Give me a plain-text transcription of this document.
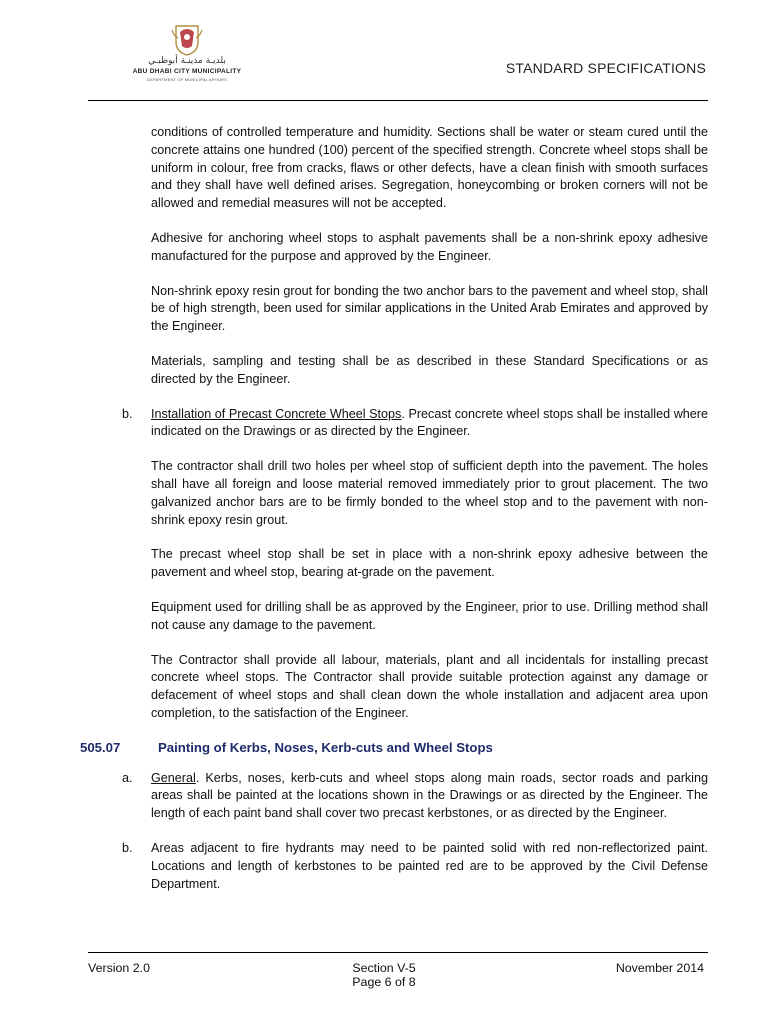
بلديـة مدينـة أبوظبـي
ABU DHABI CITY MUNICIPALITY
DEPARTMENT OF MUNICIPAL AFFAIRS
STANDARD SPECIFICATIONS

conditions of controlled temperature and humidity. Sections shall be water or steam cured until the concrete attains one hundred (100) percent of the specified strength. Concrete wheel stops shall be uniform in colour, free from cracks, flaws or other defects, have a clean finish with smooth surfaces and they shall have well defined arises. Segregation, honeycombing or broken corners will not be allowed and remedial measures will not be accepted.

Adhesive for anchoring wheel stops to asphalt pavements shall be a non-shrink epoxy adhesive manufactured for the purpose and approved by the Engineer.

Non-shrink epoxy resin grout for bonding the two anchor bars to the pavement and wheel stop, shall be of high strength, been used for similar applications in the United Arab Emirates and approved by the Engineer.

Materials, sampling and testing shall be as described in these Standard Specifications or as directed by the Engineer.

b.	Installation of Precast Concrete Wheel Stops. Precast concrete wheel stops shall be installed where indicated on the Drawings or as directed by the Engineer.

The contractor shall drill two holes per wheel stop of sufficient depth into the pavement. The holes shall have all foreign and loose material removed immediately prior to grout placement. The two galvanized anchor bars are to be firmly bonded to the wheel stop and to the pavement with non-shrink epoxy resin grout.

The precast wheel stop shall be set in place with a non-shrink epoxy adhesive between the pavement and wheel stop, bearing at-grade on the pavement.

Equipment used for drilling shall be as approved by the Engineer, prior to use. Drilling method shall not cause any damage to the pavement.

The Contractor shall provide all labour, materials, plant and all incidentals for installing precast concrete wheel stops. The Contractor shall provide suitable protection against any damage or defacement of wheel stops and shall clean down the whole installation and adjacent area upon completion, to the satisfaction of the Engineer.

505.07	Painting of Kerbs, Noses, Kerb-cuts and Wheel Stops
a.	General. Kerbs, noses, kerb-cuts and wheel stops along main roads, sector roads and parking areas shall be painted at the locations shown in the Drawings or as directed by the Engineer. The length of each paint band shall cover two precast kerbstones, or as directed by the Engineer.
b.	Areas adjacent to fire hydrants may need to be painted solid with red non-reflectorized paint. Locations and length of kerbstones to be painted red are to be approved by the Civil Defense Department.
Version 2.0	Section V-5
Page 6 of 8
November 2014
